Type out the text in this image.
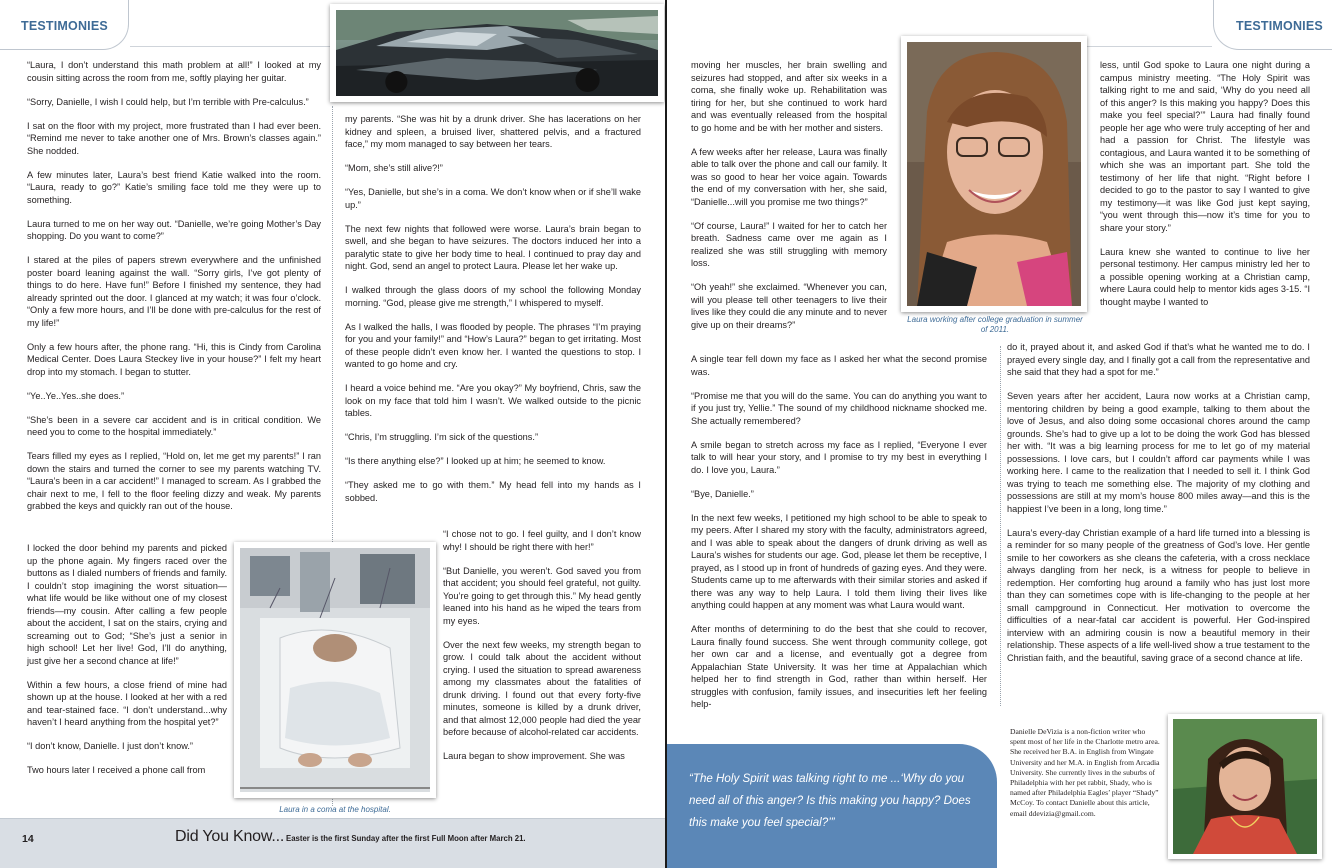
TESTIMONIES

“Laura, I don’t understand this math problem at all!” I looked at my cousin sitting across the room from me, softly playing her guitar.

“Sorry, Danielle, I wish I could help, but I’m terrible with Pre-calculus.”

I sat on the floor with my project, more frustrated than I had ever been. “Remind me never to take another one of Mrs. Brown’s classes again.” She nodded.

A few minutes later, Laura’s best friend Katie walked into the room. “Laura, ready to go?” Katie’s smiling face told me they were up to something.

Laura turned to me on her way out. “Danielle, we’re going Mother’s Day shopping. Do you want to come?”

I stared at the piles of papers strewn everywhere and the unfinished poster board leaning against the wall. “Sorry girls, I’ve got plenty of things to do here. Have fun!” Before I finished my sentence, they had already sprinted out the door. I glanced at my watch; it was four o’clock. “Only a few more hours, and I’ll be done with pre-calculus for the rest of my life!”

Only a few hours after, the phone rang. “Hi, this is Cindy from Carolina Medical Center. Does Laura Steckey live in your house?” I felt my heart drop into my stomach. I began to stutter.

“Ye..Ye..Yes..she does.”

“She’s been in a severe car accident and is in critical condition. We need you to come to the hospital immediately.”

Tears filled my eyes as I replied, “Hold on, let me get my parents!” I ran down the stairs and turned the corner to see my parents watching TV. “Laura’s been in a car accident!” I managed to scream. As I grabbed the chair next to me, I fell to the floor feeling dizzy and weak. My parents grabbed the keys and quickly ran out of the house.

I locked the door behind my parents and picked up the phone again. My fingers raced over the buttons as I dialed numbers of friends and family. I couldn’t stop imagining the worst situation—what life would be like without one of my closest friends—my cousin. After calling a few people about the accident, I sat on the stairs, crying and screaming out to God; “She’s just a senior in high school! Let her live! God, I’ll do anything, just give her a second chance at life!”

Within a few hours, a close friend of mine had shown up at the house. I looked at her with a red and tear-stained face. “I don’t understand...why haven’t I heard anything from the hospital yet?”

“I don’t know, Danielle. I just don’t know.”

Two hours later I received a phone call from

Laura in a coma at the hospital.

my parents. “She was hit by a drunk driver. She has lacerations on her kidney and spleen, a bruised liver, shattered pelvis, and a fractured face,” my mom managed to say between her tears.

“Mom, she’s still alive?!”

“Yes, Danielle, but she’s in a coma. We don’t know when or if she’ll wake up.”

The next few nights that followed were worse. Laura’s brain began to swell, and she began to have seizures. The doctors induced her into a paralytic state to give her body time to heal. I continued to pray day and night. God, send an angel to protect Laura. Please let her wake up.

I walked through the glass doors of my school the following Monday morning. “God, please give me strength,” I whispered to myself.

As I walked the halls, I was flooded by people. The phrases “I’m praying for you and your family!” and “How’s Laura?” began to get irritating. Most of these people didn’t even know her. I wanted the questions to stop. I wanted to go home and cry.

I heard a voice behind me. “Are you okay?” My boyfriend, Chris, saw the look on my face that told him I wasn’t. We walked outside to the picnic tables.

“Chris, I’m struggling. I’m sick of the questions.”

“Is there anything else?” I looked up at him; he seemed to know.

“They asked me to go with them.” My head fell into my hands as I sobbed.

“I chose not to go. I feel guilty, and I don’t know why! I should be right there with her!”

“But Danielle, you weren’t. God saved you from that accident; you should feel grateful, not guilty. You’re going to get through this.” My head gently leaned into his hand as he wiped the tears from my eyes.

Over the next few weeks, my strength began to grow. I could talk about the accident without crying. I used the situation to spread awareness among my classmates about the fatalities of drunk driving. I found out that every forty-five minutes, someone is killed by a drunk driver, and that almost 12,000 people had died the year before because of alcohol-related car accidents.

Laura began to show improvement. She was

14	Did You Know... Easter is the first Sunday after the first Full Moon after March 21.
TESTIMONIES

moving her muscles, her brain swelling and seizures had stopped, and after six weeks in a coma, she finally woke up. Rehabilitation was tiring for her, but she continued to work hard and was eventually released from the hospital to go home and be with her mother and sisters.

A few weeks after her release, Laura was finally able to talk over the phone and call our family. It was so good to hear her voice again. Towards the end of my conversation with her, she said, “Danielle...will you promise me two things?”

“Of course, Laura!” I waited for her to catch her breath. Sadness came over me again as I realized she was still struggling with memory loss.

“Oh yeah!” she exclaimed. “Whenever you can, will you please tell other teenagers to live their lives like they could die any minute and to never give up on their dreams?”	Laura working after college graduation in summer of 2011.

A single tear fell down my face as I asked her what the second promise was.

“Promise me that you will do the same. You can do anything you want to if you just try, Yellie.” The sound of my childhood nickname shocked me. She actually remembered?

A smile began to stretch across my face as I replied, “Everyone I ever talk to will hear your story, and I promise to try my best in everything I do. I love you, Laura.”

“Bye, Danielle.”

In the next few weeks, I petitioned my high school to be able to speak to my peers. After I shared my story with the faculty, administrators agreed, and I was able to speak about the dangers of drunk driving as well as Laura’s wishes for students our age. God, please let them be receptive, I prayed, as I stood up in front of hundreds of gazing eyes. And they were. Students came up to me afterwards with their similar stories and asked if there was any way to help Laura. I told them living their lives like anything could happen at any moment was what Laura would want.

After months of determining to do the best that she could to recover, Laura finally found success. She went through community college, got her own car and a license, and eventually got a degree from Appalachian State University. It was her time at Appalachian which helped her to find strength in God, rather than within herself. Her struggles with confusion, family issues, and insecurities left her feeling help-

less, until God spoke to Laura one night during a campus ministry meeting. “The Holy Spirit was talking right to me and said, ‘Why do you need all of this anger? Is this making you happy? Does this make you feel special?’” Laura had finally found people her age who were truly accepting of her and had a passion for Christ. The lifestyle was contagious, and Laura wanted it to be something of which she was an important part. She told the testimony of her life that night. “Right before I decided to go to the pastor to say I wanted to give my testimony—it was like God just kept saying, “you went through this—now it’s time for you to share your story.”

Laura knew she wanted to continue to live her personal testimony. Her campus ministry led her to a possible opening working at a Christian camp, where Laura could help to mentor kids ages 3-15. “I thought maybe I wanted to

do it, prayed about it, and asked God if that’s what he wanted me to do. I prayed every single day, and I finally got a call from the representative and she said that they had a spot for me.”

Seven years after her accident, Laura now works at a Christian camp, mentoring children by being a good example, talking to them about the love of Jesus, and also doing some occasional chores around the camp grounds. She’s had to give up a lot to be doing the work God has blessed her with. “It was a big learning process for me to let go of my material possessions. I love cars, but I couldn’t afford car payments while I was working here. I came to the realization that I needed to sell it. I think God was trying to teach me something else. The majority of my clothing and possessions are still at my mom’s house 800 miles away—and this is the happiest I’ve been in a long, long time.”

Laura’s every-day Christian example of a hard life turned into a blessing is a reminder for so many people of the greatness of God’s love. Her gentle smile to her coworkers as she cleans the cafeteria, with a cross necklace always dangling from her neck, is a witness for people to believe in redemption. Her comforting hug around a family who has just lost more than they can sometimes cope with is life-changing to the people at her small campground in Connecticut. Her motivation to overcome the difficulties of a near-fatal car accident is powerful. Her God-inspired interview with an admiring cousin is now a beautiful memory in their relationship. These aspects of a life well-lived show a true testament to the Christian faith, and the beautiful, saving grace of a second chance at life.

“The Holy Spirit was talking right to me ...‘Why do you need all of this anger? Is this making you happy? Does this make you feel special?’”
Danielle DeVizia is a non-fiction writer who spent most of her life in the Charlotte metro area. She received her B.A. in English from Wingate University and her M.A. in English from Arcadia University. She currently lives in the suburbs of Philadelphia with her pet rabbit, Shady, who is named after Philadelphia Eagles’ player “Shady” McCoy. To contact Danielle about this article, email ddevizia@gmail.com.
